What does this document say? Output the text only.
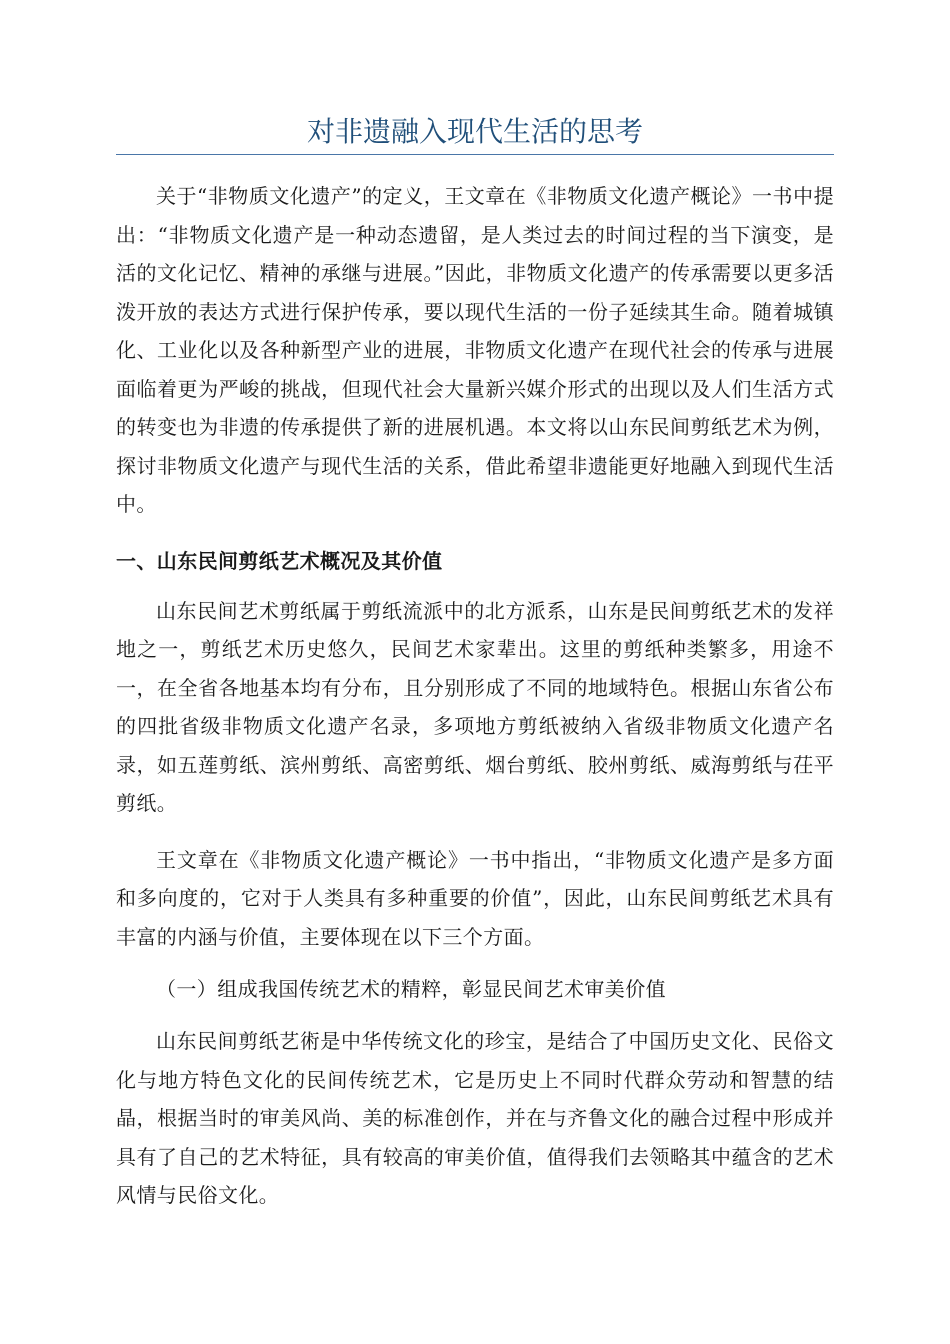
对非遗融入现代生活的思考

关于“非物质文化遗产”的定义，王文章在《非物质文化遗产概论》一书中提出：“非物质文化遗产是一种动态遗留，是人类过去的时间过程的当下演变，是活的文化记忆、精神的承继与进展。”因此，非物质文化遗产的传承需要以更多活泼开放的表达方式进行保护传承，要以现代生活的一份子延续其生命。随着城镇化、工业化以及各种新型产业的进展，非物质文化遗产在现代社会的传承与进展面临着更为严峻的挑战，但现代社会大量新兴媒介形式的出现以及人们生活方式的转变也为非遗的传承提供了新的进展机遇。本文将以山东民间剪纸艺术为例，探讨非物质文化遗产与现代生活的关系，借此希望非遗能更好地融入到现代生活中。

一、山东民间剪纸艺术概况及其价值

山东民间艺术剪纸属于剪纸流派中的北方派系，山东是民间剪纸艺术的发祥地之一，剪纸艺术历史悠久，民间艺术家辈出。这里的剪纸种类繁多，用途不一，在全省各地基本均有分布，且分别形成了不同的地域特色。根据山东省公布的四批省级非物质文化遗产名录，多项地方剪纸被纳入省级非物质文化遗产名录，如五莲剪纸、滨州剪纸、高密剪纸、烟台剪纸、胶州剪纸、威海剪纸与茌平剪纸。

王文章在《非物质文化遗产概论》一书中指出，“非物质文化遗产是多方面和多向度的，它对于人类具有多种重要的价值”，因此，山东民间剪纸艺术具有丰富的内涵与价值，主要体现在以下三个方面。

（一）组成我国传统艺术的精粹，彰显民间艺术审美价值

山东民间剪纸艺術是中华传统文化的珍宝，是结合了中国历史文化、民俗文化与地方特色文化的民间传统艺术，它是历史上不同时代群众劳动和智慧的结晶，根据当时的审美风尚、美的标准创作，并在与齐鲁文化的融合过程中形成并具有了自己的艺术特征，具有较高的审美价值，值得我们去领略其中蕴含的艺术风情与民俗文化。
